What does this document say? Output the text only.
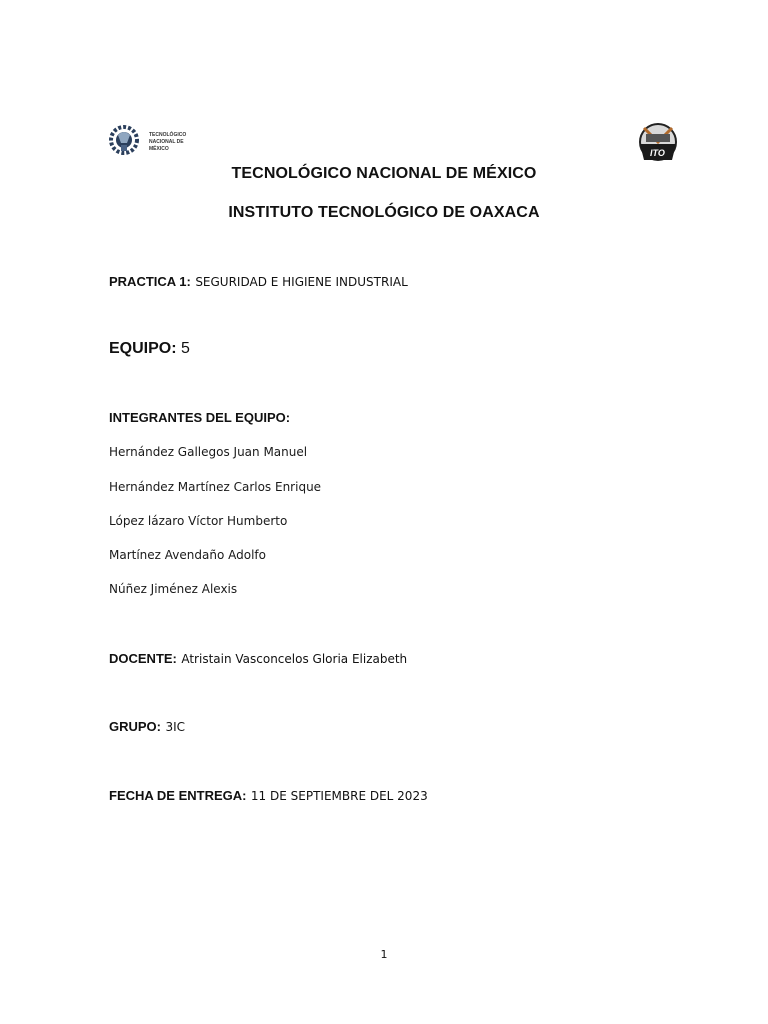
TECNOLÓGICO
NACIONAL DE MÉXICO	ITO
TECNOLÓGICO NACIONAL DE MÉXICO
INSTITUTO TECNOLÓGICO DE OAXACA
PRACTICA 1: SEGURIDAD E HIGIENE INDUSTRIAL
EQUIPO: 5
INTEGRANTES DEL EQUIPO:
Hernández Gallegos Juan Manuel
Hernández Martínez Carlos Enrique
López lázaro Víctor Humberto
Martínez Avendaño Adolfo
Núñez Jiménez Alexis
DOCENTE: Atristain Vasconcelos Gloria Elizabeth
GRUPO: 3IC
FECHA DE ENTREGA: 11 DE SEPTIEMBRE DEL 2023
1
